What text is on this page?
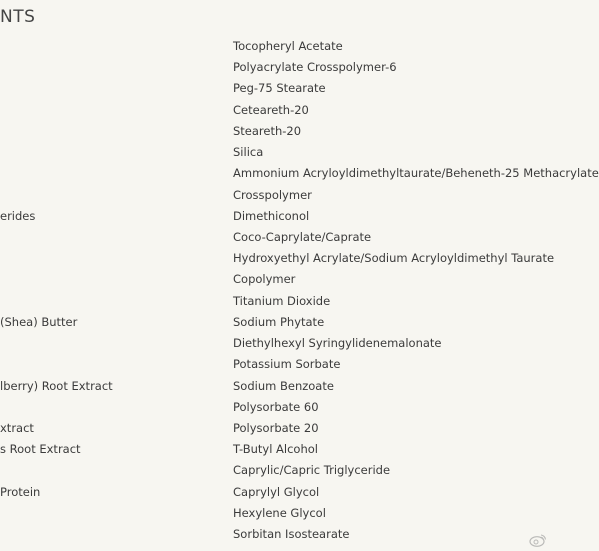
NTS
erides
(Shea) Butter
lberry) Root Extract
xtract
s Root Extract
Protein
Tocopheryl Acetate
Polyacrylate Crosspolymer-6
Peg-75 Stearate
Ceteareth-20
Steareth-20
Silica
Ammonium Acryloyldimethyltaurate/Beheneth-25 Methacrylate
Crosspolymer
Dimethiconol
Coco-Caprylate/Caprate
Hydroxyethyl Acrylate/Sodium Acryloyldimethyl Taurate
Copolymer
Titanium Dioxide
Sodium Phytate
Diethylhexyl Syringylidenemalonate
Potassium Sorbate
Sodium Benzoate
Polysorbate 60
Polysorbate 20
T-Butyl Alcohol
Caprylic/Capric Triglyceride
Caprylyl Glycol
Hexylene Glycol
Sorbitan Isostearate
